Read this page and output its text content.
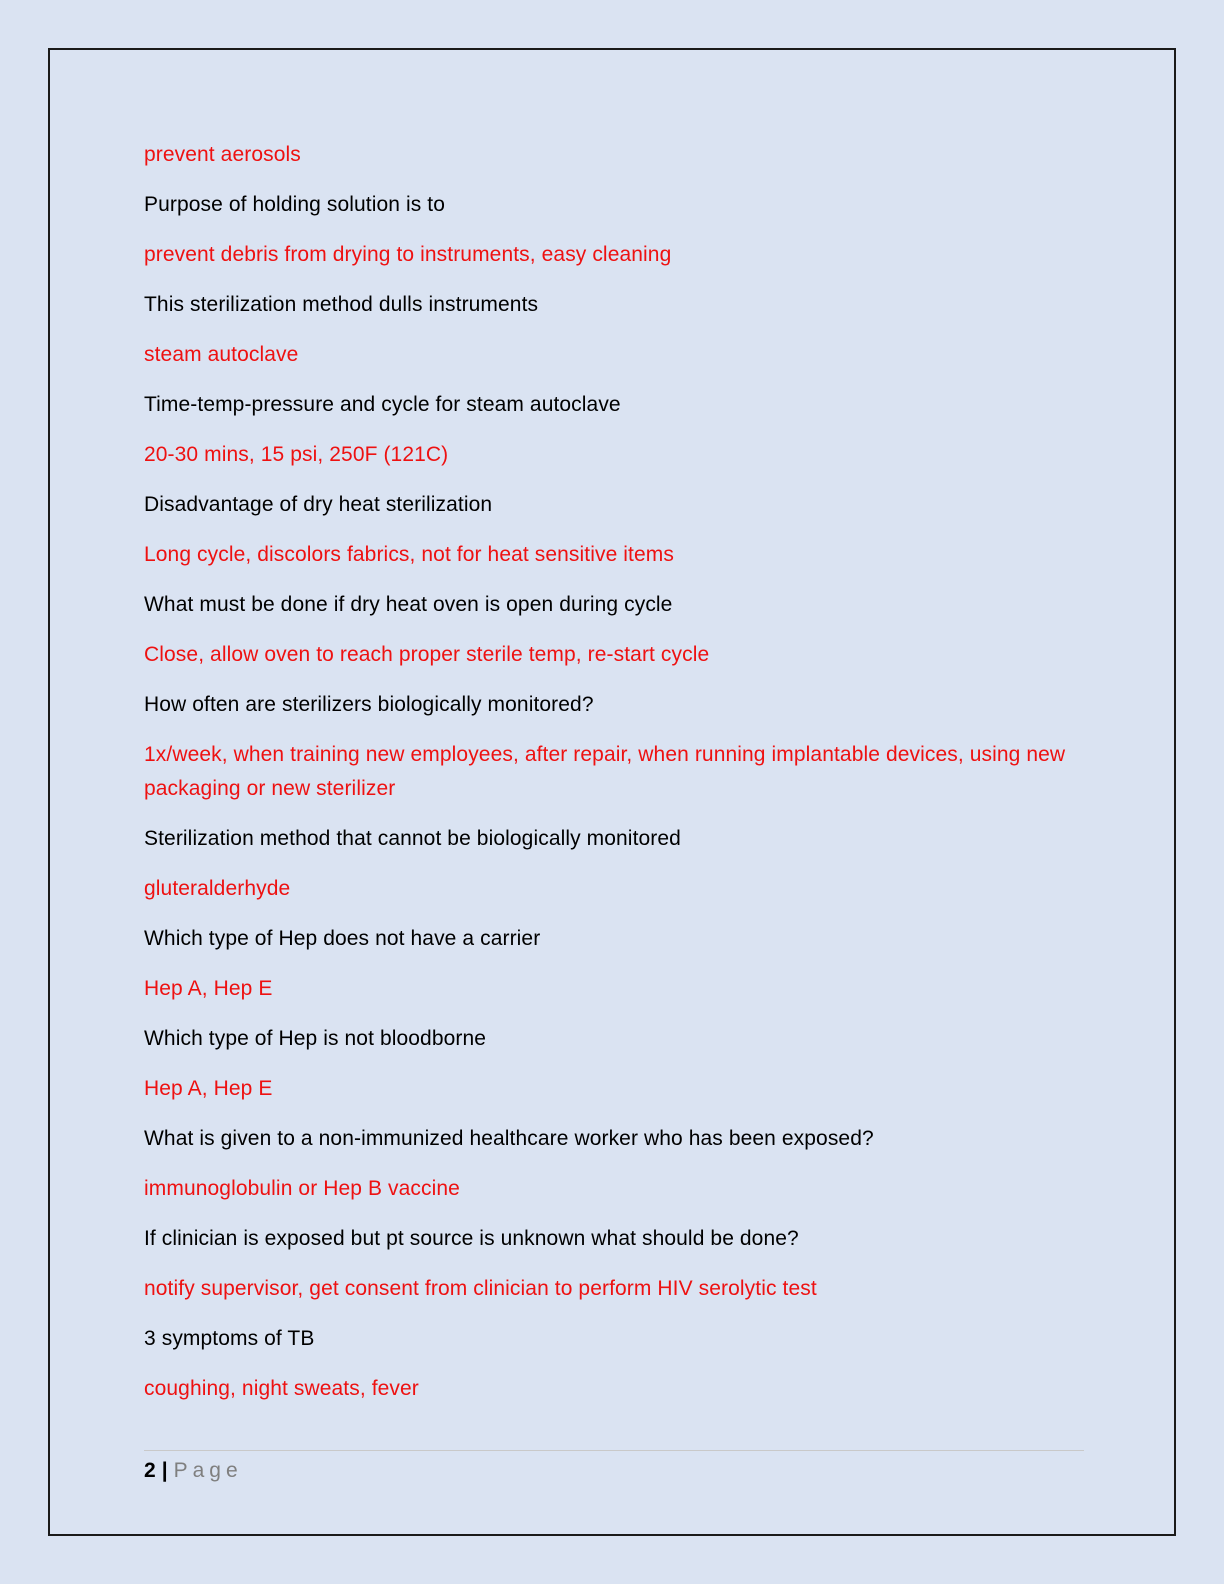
prevent aerosols

Purpose of holding solution is to

prevent debris from drying to instruments, easy cleaning

This sterilization method dulls instruments

steam autoclave

Time-temp-pressure and cycle for steam autoclave

20-30 mins, 15 psi, 250F (121C)

Disadvantage of dry heat sterilization

Long cycle, discolors fabrics, not for heat sensitive items

What must be done if dry heat oven is open during cycle

Close, allow oven to reach proper sterile temp, re-start cycle

How often are sterilizers biologically monitored?

1x/week, when training new employees, after repair, when running implantable devices, using new packaging or new sterilizer

Sterilization method that cannot be biologically monitored

gluteralderhyde

Which type of Hep does not have a carrier

Hep A, Hep E

Which type of Hep is not bloodborne

Hep A, Hep E

What is given to a non-immunized healthcare worker who has been exposed?

immunoglobulin or Hep B vaccine

If clinician is exposed but pt source is unknown what should be done?

notify supervisor, get consent from clinician to perform HIV serolytic test

3 symptoms of TB

coughing, night sweats, fever

2 | Page
